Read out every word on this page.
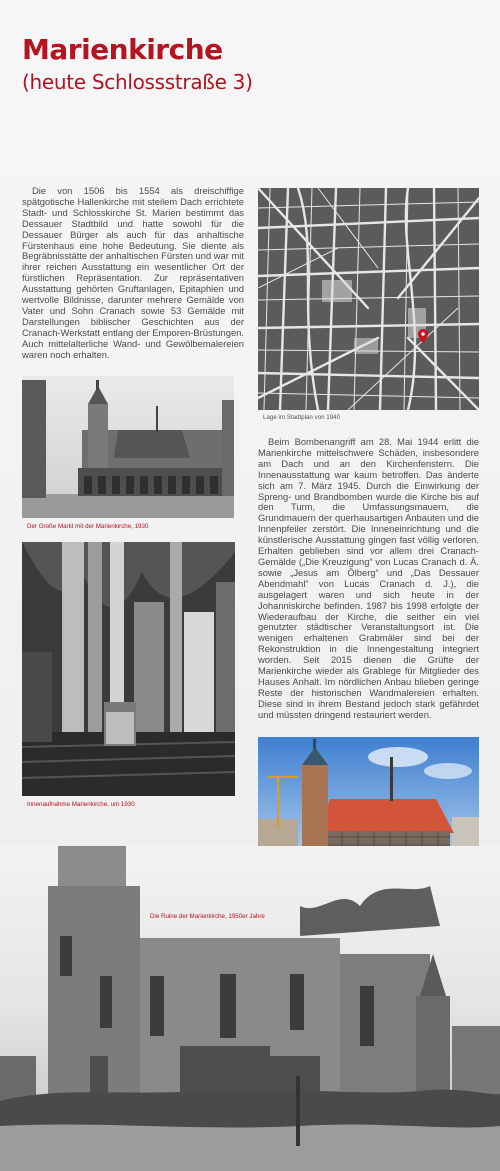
Marienkirche
(heute Schlossstraße 3)

Die von 1506 bis 1554 als dreischiffige spätgotische Hallenkirche mit steilem Dach errichtete Stadt- und Schlosskirche St. Marien bestimmt das Dessauer Stadtbild und hatte sowohl für die Dessauer Bürger als auch für das anhaltische Fürstenhaus eine hohe Bedeutung. Sie diente als Begräbnisstätte der anhaltischen Fürsten und war mit ihrer reichen Ausstattung ein wesentlicher Ort der fürstlichen Repräsentation. Zur repräsentativen Ausstattung gehörten Gruftanlagen, Epitaphien und wertvolle Bildnisse, darunter mehrere Gemälde von Vater und Sohn Cranach sowie 53 Gemälde mit Darstellungen biblischer Geschichten aus der Cranach-Werkstatt entlang der Emporen-Brüstungen. Auch mittelalterliche Wand- und Gewölbemalereien waren noch erhalten.

Lage im Stadtplan von 1940
Der Große Markt mit der Marienkirche, 1930
Innenaufnahme Marienkirche, um 1930

Beim Bombenangriff am 28. Mai 1944 erlitt die Marienkirche mittelschwere Schäden, insbesondere am Dach und an den Kirchenfenstern. Die Innenausstattung war kaum betroffen. Das änderte sich am 7. März 1945. Durch die Einwirkung der Spreng- und Brandbomben wurde die Kirche bis auf den Turm, die Umfassungsmauern, die Grundmauern der querhausartigen Anbauten und die Innenpfeiler zerstört. Die Inneneinrichtung und die künstlerische Ausstattung gingen fast völlig verloren. Erhalten geblieben sind vor allem drei Cranach-Gemälde („Die Kreuzigung“ von Lucas Cranach d. Ä. sowie „Jesus am Ölberg“ und „Das Dessauer Abendmahl“ von Lucas Cranach d. J.), die ausgelagert waren und sich heute in der Johanniskirche befinden. 1987 bis 1998 erfolgte der Wiederaufbau der Kirche, die seither ein viel genutzter städtischer Veranstaltungsort ist. Die wenigen erhaltenen Grabmäler sind bei der Rekonstruktion in die Innengestaltung integriert worden. Seit 2015 dienen die Grüfte der Marienkirche wieder als Grablege für Mitglieder des Hauses Anhalt. Im nördlichen Anbau blieben geringe Reste der historischen Wandmalereien erhalten. Diese sind in ihrem Bestand jedoch stark gefährdet und müssten dringend restauriert werden.

Die Ruine der Marienkirche, 1950er Jahre
